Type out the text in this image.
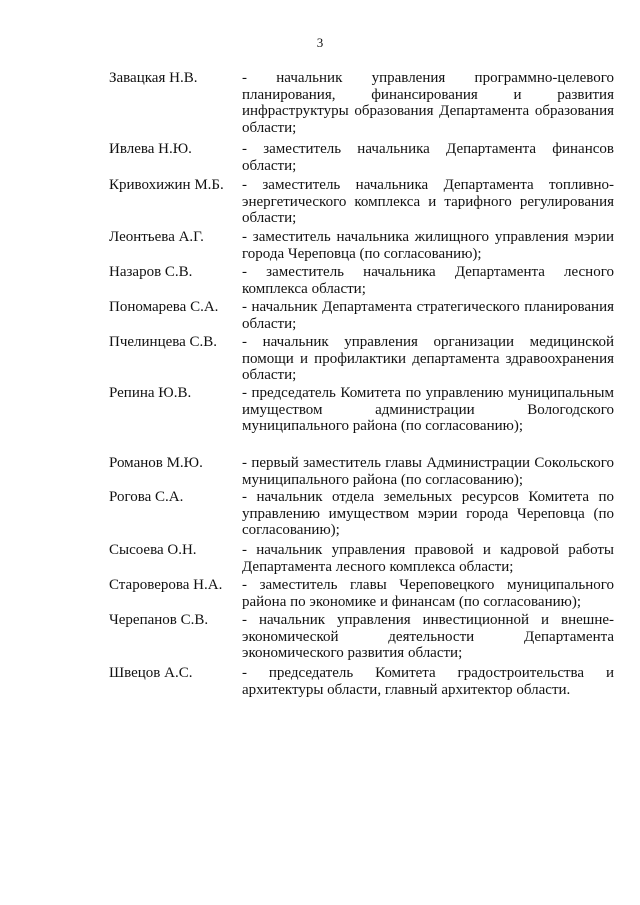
3
Завацкая Н.В.	- начальник управления программно-целевого планирования, финансирования и развития инфраструктуры образования Департамента образования области;
Ивлева Н.Ю.	- заместитель начальника Департамента финансов области;
Кривохижин М.Б.	- заместитель начальника Департамента топливно-энергетического комплекса и тарифного регулирования области;
Леонтьева А.Г.	- заместитель начальника жилищного управления мэрии города Череповца (по согласованию);
Назаров С.В.	- заместитель начальника Департамента лесного комплекса области;
Пономарева С.А.	- начальник Департамента стратегического планирования области;
Пчелинцева С.В.	- начальник управления организации медицинской помощи и профилактики департамента здравоохранения области;
Репина Ю.В.	- председатель Комитета по управлению муниципальным имуществом администрации Вологодского муниципального района (по согласованию);
Романов М.Ю.	- первый заместитель главы Администрации Сокольского муниципального района (по согласованию);
Рогова С.А.	- начальник отдела земельных ресурсов Комитета по управлению имуществом мэрии города Череповца (по согласованию);
Сысоева О.Н.	- начальник управления правовой и кадровой работы Департамента лесного комплекса области;
Староверова Н.А.	- заместитель главы Череповецкого муниципального района по экономике и финансам (по согласованию);
Черепанов С.В.	- начальник управления инвестиционной и внешне-экономической деятельности Департамента экономического развития области;
Швецов А.С.	- председатель Комитета градостроительства и архитектуры области, главный архитектор области.
